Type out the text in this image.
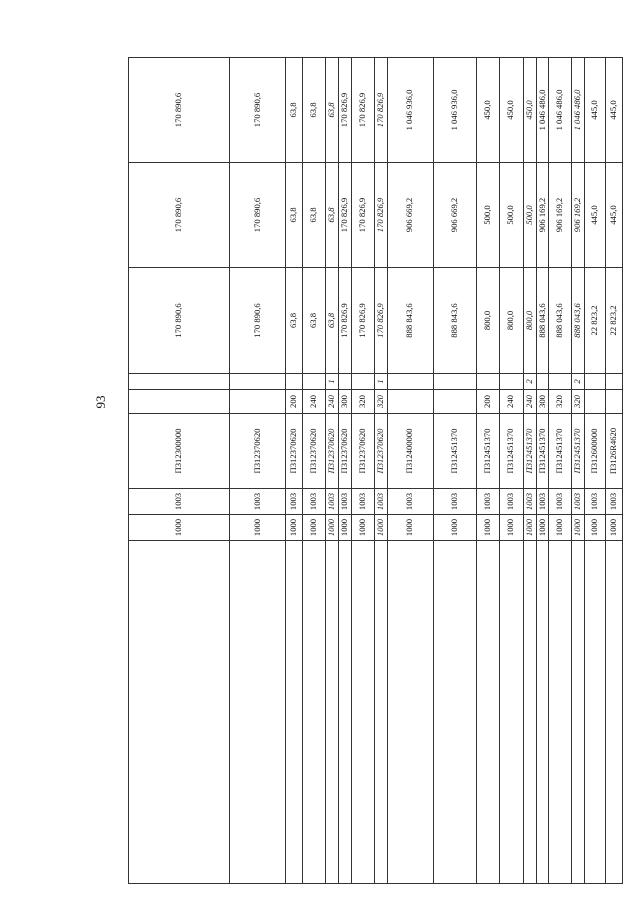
93
	1000	1003	П312300000			170 890,6	170 890,6	170 890,6
	1000	1003	П312370620			170 890,6	170 890,6	170 890,6
	1000	1003	П312370620	200		63,8	63,8	63,8
	1000	1003	П312370620	240		63,8	63,8	63,8
	1000	1003	П312370620	240	1	63,8	63,8	63,8
	1000	1003	П312370620	300		170 826,9	170 826,9	170 826,9
	1000	1003	П312370620	320		170 826,9	170 826,9	170 826,9
	1000	1003	П312370620	320	1	170 826,9	170 826,9	170 826,9
	1000	1003	П312400000			888 843,6	906 669,2	1 046 936,0
	1000	1003	П312451370			888 843,6	906 669,2	1 046 936,0
	1000	1003	П312451370	200		800,0	500,0	450,0
	1000	1003	П312451370	240		800,0	500,0	450,0
	1000	1003	П312451370	240	2	800,0	500,0	450,0
	1000	1003	П312451370	300		888 043,6	906 169,2	1 046 486,0
	1000	1003	П312451370	320		888 043,6	906 169,2	1 046 486,0
	1000	1003	П312451370	320	2	888 043,6	906 169,2	1 046 486,0
	1000	1003	П312600000			22 823,2	445,0	445,0
	1000	1003	П3126R4620			22 823,2	445,0	445,0
